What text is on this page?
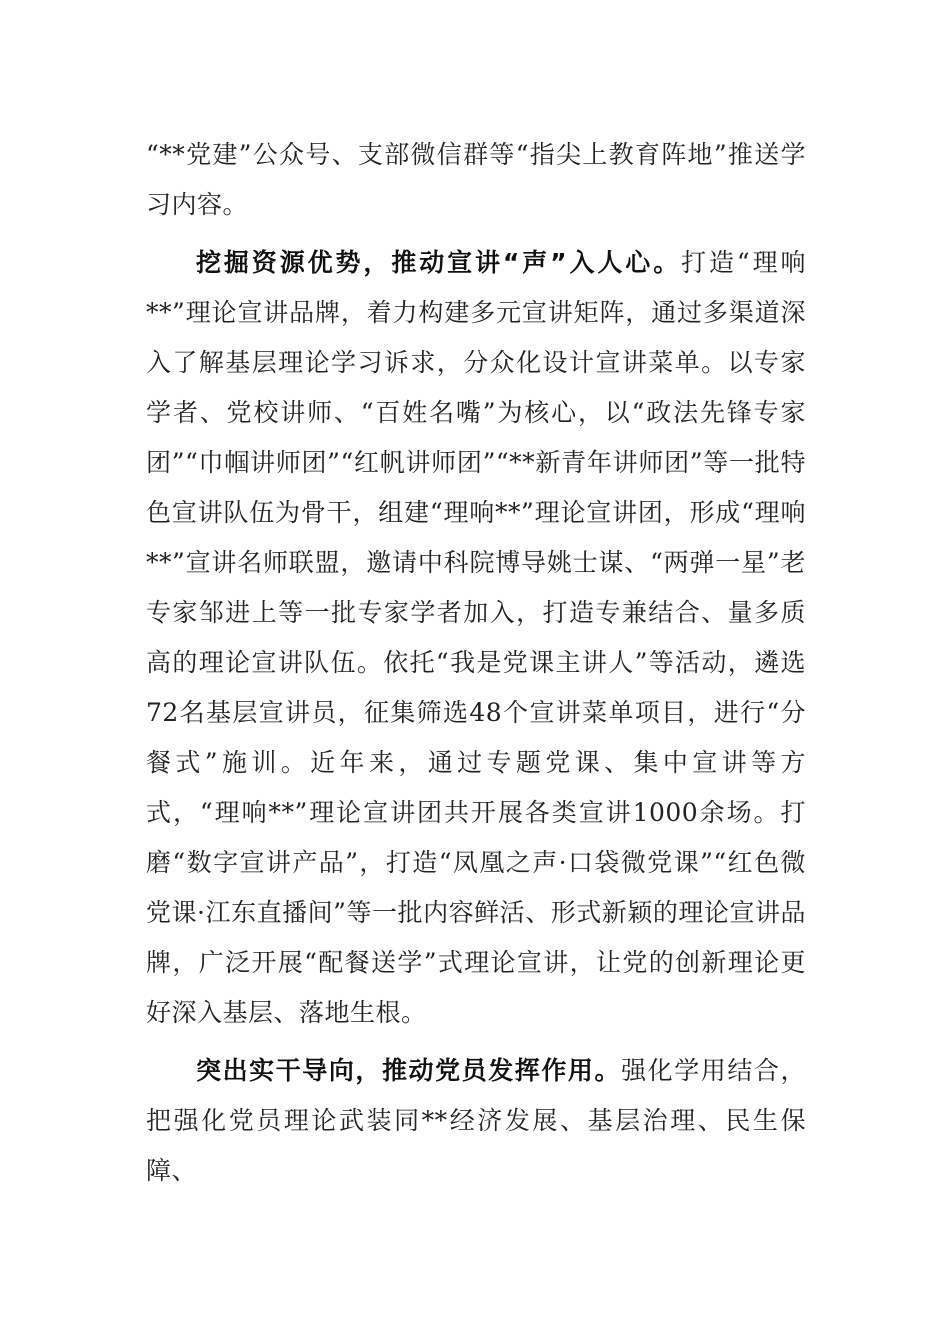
“**党建”公众号、支部微信群等“指尖上教育阵地”推送学习内容。

挖掘资源优势，推动宣讲“声”入人心。打造“理响**”理论宣讲品牌，着力构建多元宣讲矩阵，通过多渠道深入了解基层理论学习诉求，分众化设计宣讲菜单。以专家学者、党校讲师、“百姓名嘴”为核心，以“政法先锋专家团”“巾帼讲师团”“红帆讲师团”“**新青年讲师团”等一批特色宣讲队伍为骨干，组建“理响**”理论宣讲团，形成“理响**”宣讲名师联盟，邀请中科院博导姚士谋、“两弹一星”老专家邹进上等一批专家学者加入，打造专兼结合、量多质高的理论宣讲队伍。依托“我是党课主讲人”等活动，遴选72名基层宣讲员，征集筛选48个宣讲菜单项目，进行“分餐式”施训。近年来，通过专题党课、集中宣讲等方式，“理响**”理论宣讲团共开展各类宣讲1000余场。打磨“数字宣讲产品”，打造“凤凰之声·口袋微党课”“红色微党课·江东直播间”等一批内容鲜活、形式新颖的理论宣讲品牌，广泛开展“配餐送学”式理论宣讲，让党的创新理论更好深入基层、落地生根。

突出实干导向，推动党员发挥作用。强化学用结合，把强化党员理论武装同**经济发展、基层治理、民生保障、
